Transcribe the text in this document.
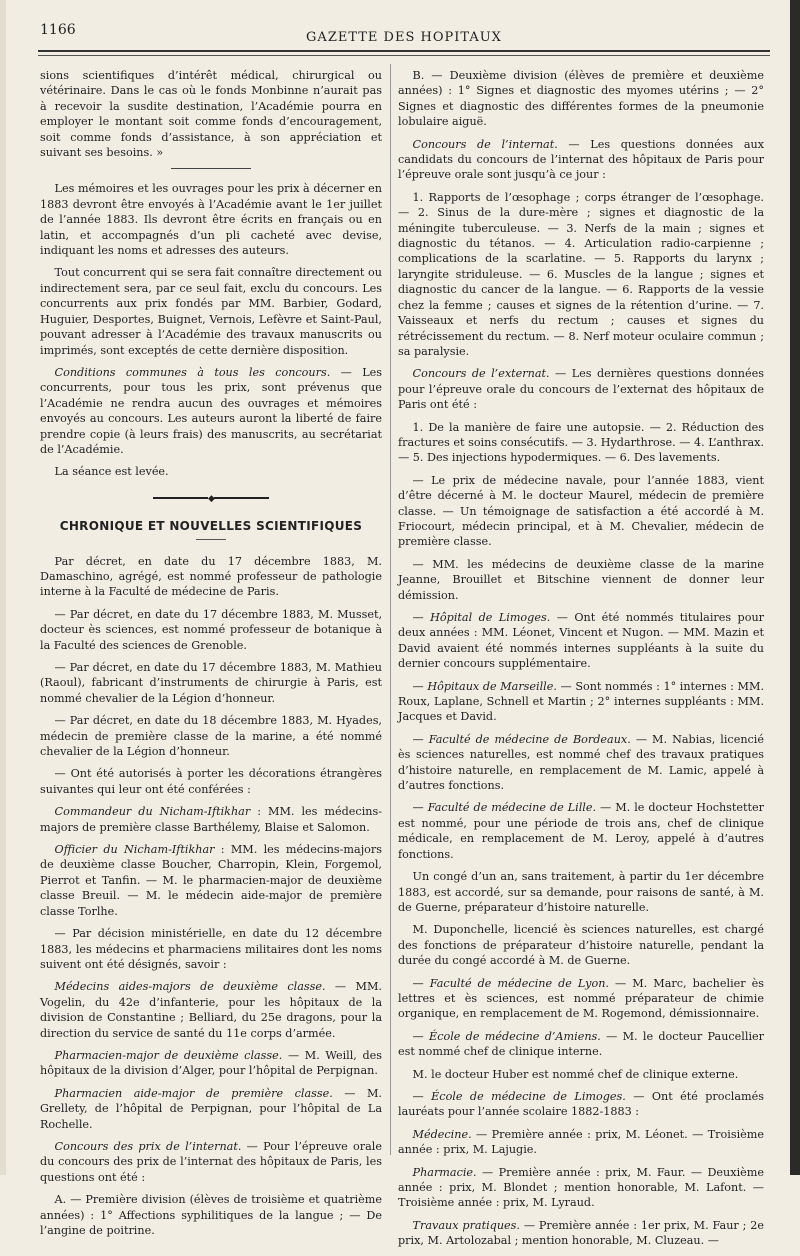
1166	GAZETTE DES HOPITAUX

sions scientifiques d’intérêt médical, chirurgical ou vétérinaire. Dans le cas où le fonds Monbinne n’aurait pas à recevoir la susdite destination, l’Académie pourra en employer le montant soit comme fonds d’encouragement, soit comme fonds d’assistance, à son appréciation et suivant ses besoins. »

Les mémoires et les ouvrages pour les prix à décerner en 1883 devront être envoyés à l’Académie avant le 1er juillet de l’année 1883. Ils devront être écrits en français ou en latin, et accompagnés d’un pli cacheté avec devise, indiquant les noms et adresses des auteurs.

Tout concurrent qui se sera fait connaître directement ou indirectement sera, par ce seul fait, exclu du concours. Les concurrents aux prix fondés par MM. Barbier, Godard, Huguier, Desportes, Buignet, Vernois, Lefèvre et Saint-Paul, pouvant adresser à l’Académie des travaux manuscrits ou imprimés, sont exceptés de cette dernière disposition.

Conditions communes à tous les concours. — Les concurrents, pour tous les prix, sont prévenus que l’Académie ne rendra aucun des ouvrages et mémoires envoyés au concours. Les auteurs auront la liberté de faire prendre copie (à leurs frais) des manuscrits, au secrétariat de l’Académie.

La séance est levée.

◆
CHRONIQUE ET NOUVELLES SCIENTIFIQUES

Par décret, en date du 17 décembre 1883, M. Damaschino, agrégé, est nommé professeur de pathologie interne à la Faculté de médecine de Paris.

— Par décret, en date du 17 décembre 1883, M. Musset, docteur ès sciences, est nommé professeur de botanique à la Faculté des sciences de Grenoble.

— Par décret, en date du 17 décembre 1883, M. Mathieu (Raoul), fabricant d’instruments de chirurgie à Paris, est nommé chevalier de la Légion d’honneur.

— Par décret, en date du 18 décembre 1883, M. Hyades, médecin de première classe de la marine, a été nommé chevalier de la Légion d’honneur.

— Ont été autorisés à porter les décorations étrangères suivantes qui leur ont été conférées :

Commandeur du Nicham-Iftikhar : MM. les médecins-majors de première classe Barthélemy, Blaise et Salomon.

Officier du Nicham-Iftikhar : MM. les médecins-majors de deuxième classe Boucher, Charropin, Klein, Forgemol, Pierrot et Tanfin. — M. le pharmacien-major de deuxième classe Breuil. — M. le médecin aide-major de première classe Torlhe.

— Par décision ministérielle, en date du 12 décembre 1883, les médecins et pharmaciens militaires dont les noms suivent ont été désignés, savoir :

Médecins aides-majors de deuxième classe. — MM. Vogelin, du 42e d’infanterie, pour les hôpitaux de la division de Constantine ; Belliard, du 25e dragons, pour la direction du service de santé du 11e corps d’armée.

Pharmacien-major de deuxième classe. — M. Weill, des hôpitaux de la division d’Alger, pour l’hôpital de Perpignan.

Pharmacien aide-major de première classe. — M. Grellety, de l’hôpital de Perpignan, pour l’hôpital de La Rochelle.

Concours des prix de l’internat. — Pour l’épreuve orale du concours des prix de l’internat des hôpitaux de Paris, les questions ont été :

A. — Première division (élèves de troisième et quatrième années) : 1° Affections syphilitiques de la langue ; — De l’angine de poitrine.

B. — Deuxième division (élèves de première et deuxième années) : 1° Signes et diagnostic des myomes utérins ; — 2° Signes et diagnostic des différentes formes de la pneumonie lobulaire aiguë.

Concours de l’internat. — Les questions données aux candidats du concours de l’internat des hôpitaux de Paris pour l’épreuve orale sont jusqu’à ce jour :

1. Rapports de l’œsophage ; corps étranger de l’œsophage. — 2. Sinus de la dure-mère ; signes et diagnostic de la méningite tuberculeuse. — 3. Nerfs de la main ; signes et diagnostic du tétanos. — 4. Articulation radio-carpienne ; complications de la scarlatine. — 5. Rapports du larynx ; laryngite striduleuse. — 6. Muscles de la langue ; signes et diagnostic du cancer de la langue. — 6. Rapports de la vessie chez la femme ; causes et signes de la rétention d’urine. — 7. Vaisseaux et nerfs du rectum ; causes et signes du rétrécissement du rectum. — 8. Nerf moteur oculaire commun ; sa paralysie.

Concours de l’externat. — Les dernières questions données pour l’épreuve orale du concours de l’externat des hôpitaux de Paris ont été :

1. De la manière de faire une autopsie. — 2. Réduction des fractures et soins consécutifs. — 3. Hydarthrose. — 4. L’anthrax. — 5. Des injections hypodermiques. — 6. Des lavements.

— Le prix de médecine navale, pour l’année 1883, vient d’être décerné à M. le docteur Maurel, médecin de première classe. — Un témoignage de satisfaction a été accordé à M. Friocourt, médecin principal, et à M. Chevalier, médecin de première classe.

— MM. les médecins de deuxième classe de la marine Jeanne, Brouillet et Bitschine viennent de donner leur démission.

— Hôpital de Limoges. — Ont été nommés titulaires pour deux années : MM. Léonet, Vincent et Nugon. — MM. Mazin et David avaient été nommés internes suppléants à la suite du dernier concours supplémentaire.

— Hôpitaux de Marseille. — Sont nommés : 1° internes : MM. Roux, Laplane, Schnell et Martin ; 2° internes suppléants : MM. Jacques et David.

— Faculté de médecine de Bordeaux. — M. Nabias, licencié ès sciences naturelles, est nommé chef des travaux pratiques d’histoire naturelle, en remplacement de M. Lamic, appelé à d’autres fonctions.

— Faculté de médecine de Lille. — M. le docteur Hochstetter est nommé, pour une période de trois ans, chef de clinique médicale, en remplacement de M. Leroy, appelé à d’autres fonctions.

Un congé d’un an, sans traitement, à partir du 1er décembre 1883, est accordé, sur sa demande, pour raisons de santé, à M. de Guerne, préparateur d’histoire naturelle.

M. Duponchelle, licencié ès sciences naturelles, est chargé des fonctions de préparateur d’histoire naturelle, pendant la durée du congé accordé à M. de Guerne.

— Faculté de médecine de Lyon. — M. Marc, bachelier ès lettres et ès sciences, est nommé préparateur de chimie organique, en remplacement de M. Rogemond, démissionnaire.

— École de médecine d’Amiens. — M. le docteur Paucellier est nommé chef de clinique interne.

M. le docteur Huber est nommé chef de clinique externe.

— École de médecine de Limoges. — Ont été proclamés lauréats pour l’année scolaire 1882-1883 :

Médecine. — Première année : prix, M. Léonet. — Troisième année : prix, M. Lajugie.

Pharmacie. — Première année : prix, M. Faur. — Deuxième année : prix, M. Blondet ; mention honorable, M. Lafont. — Troisième année : prix, M. Lyraud.

Travaux pratiques. — Première année : 1er prix, M. Faur ; 2e prix, M. Artolozabal ; mention honorable, M. Cluzeau. —
